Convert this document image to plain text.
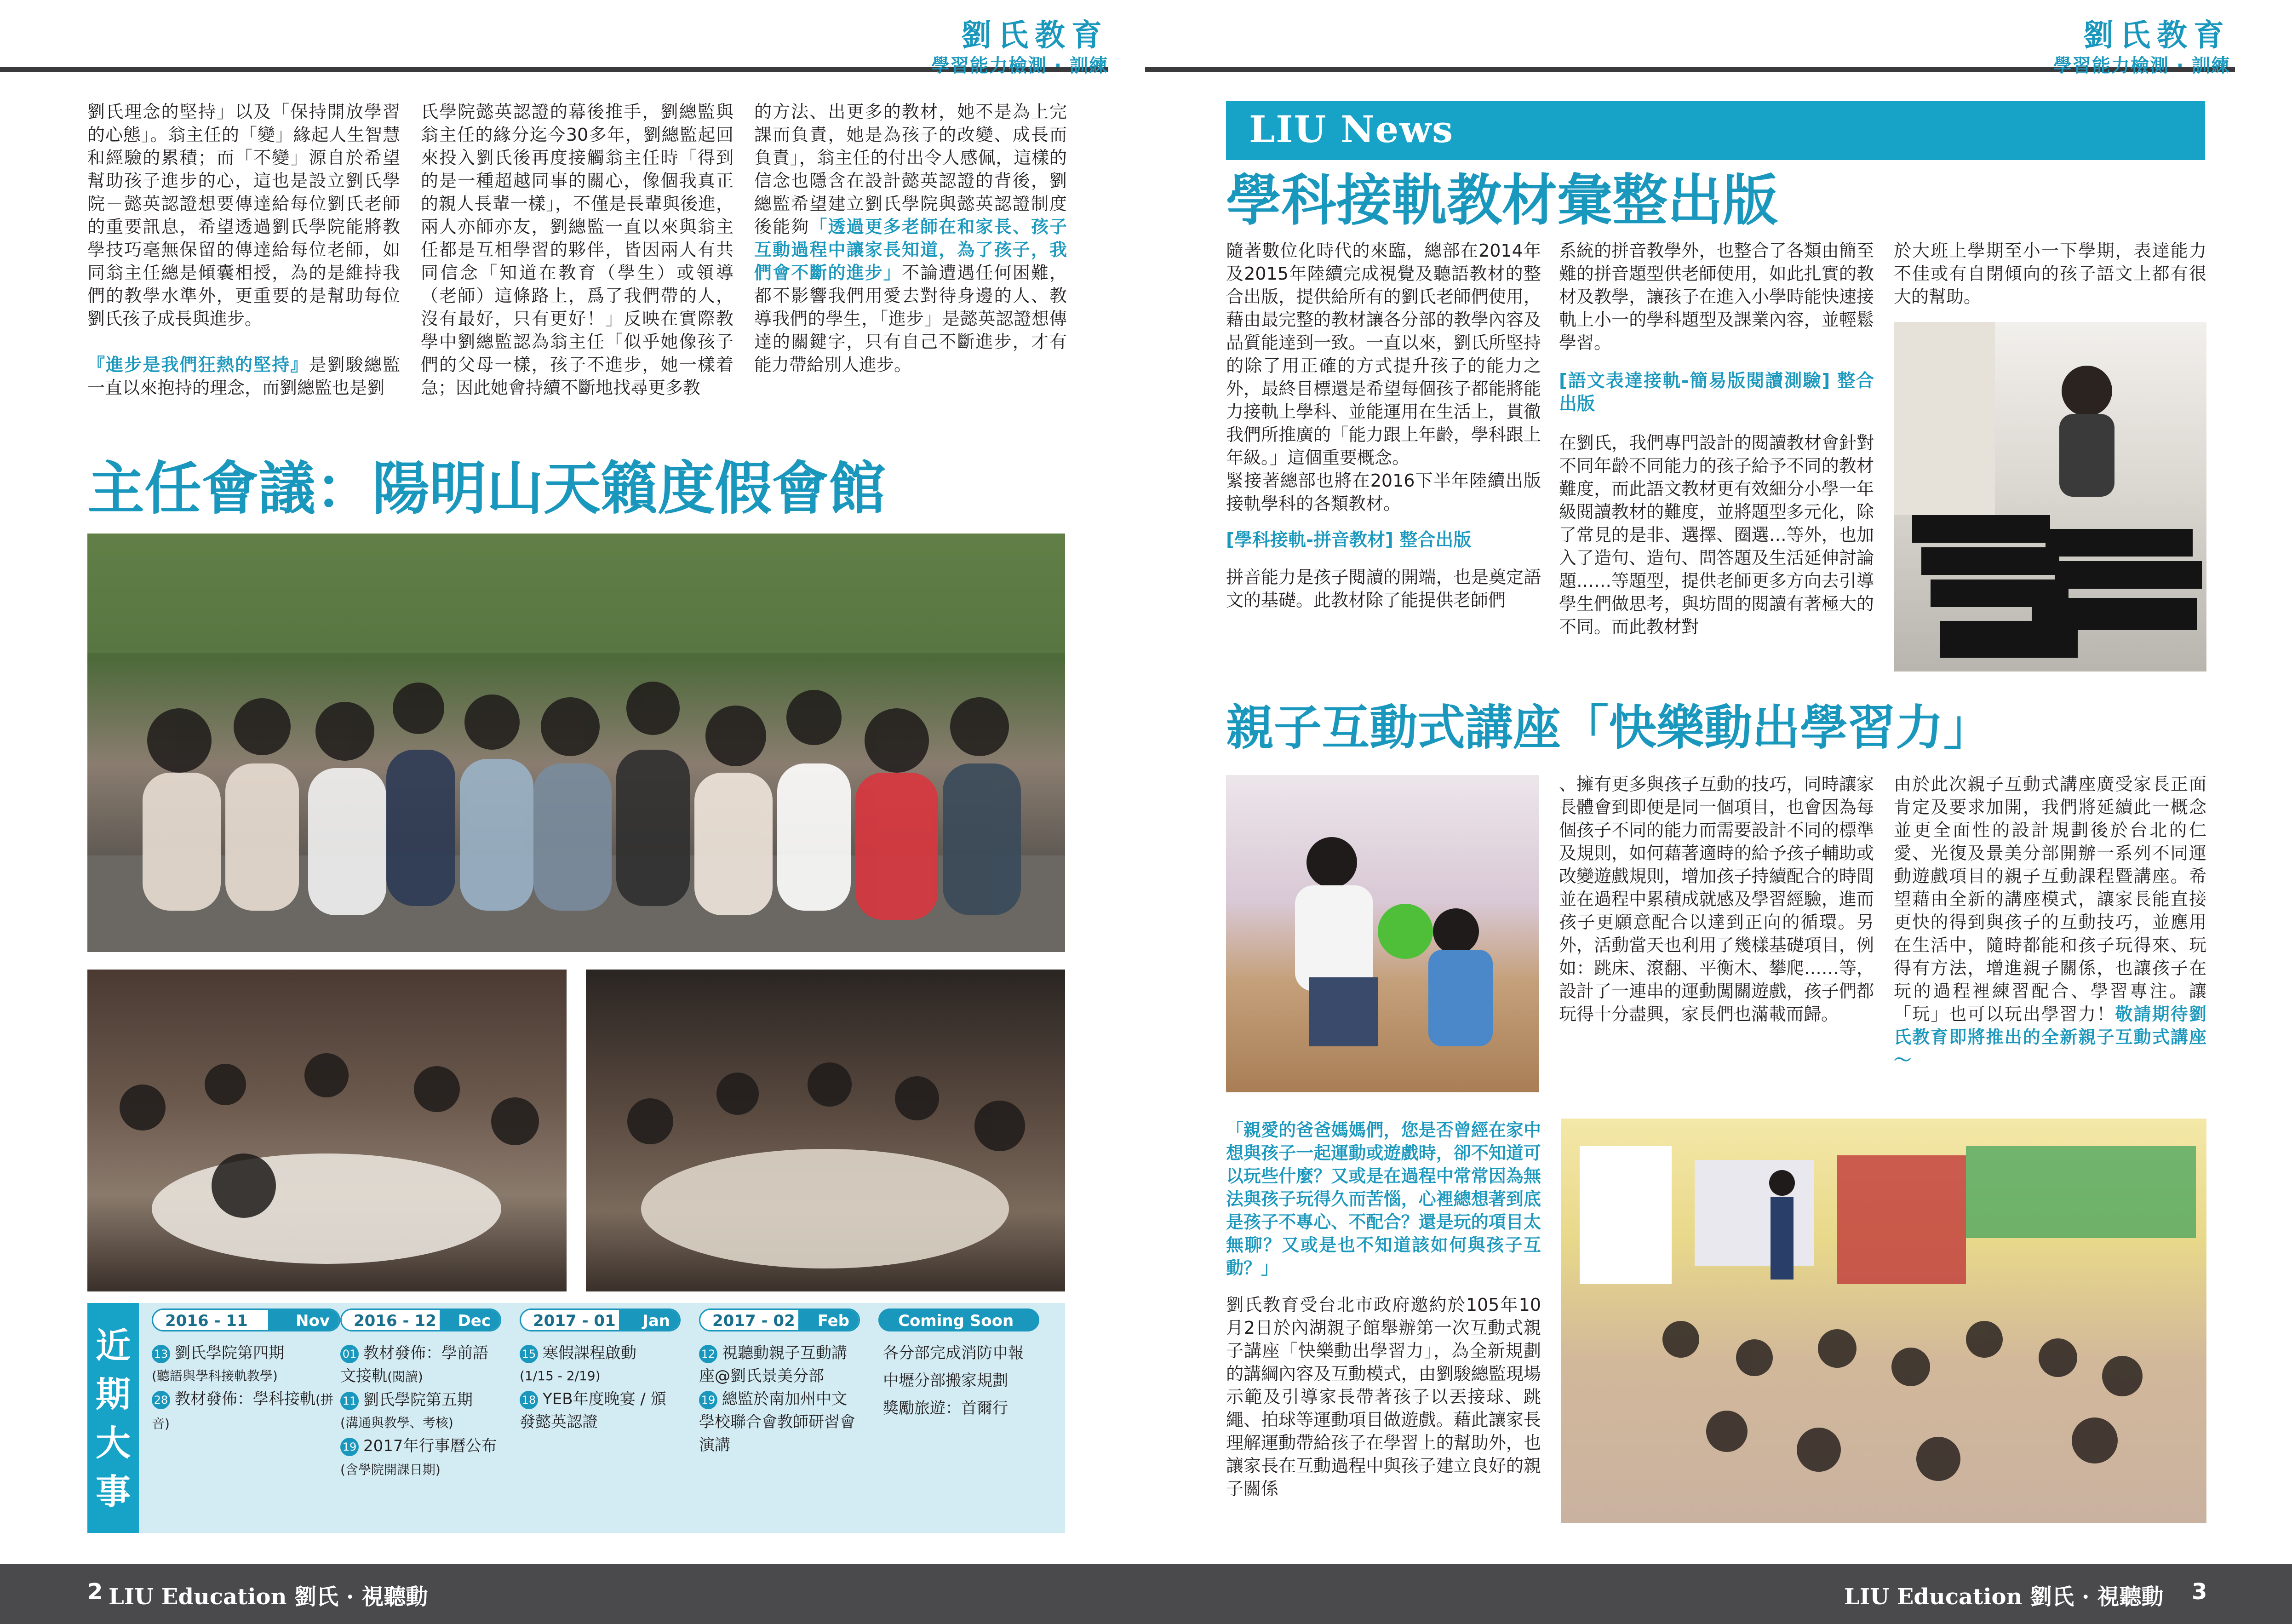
劉氏教育
學習能力檢測 · 訓練
劉氏教育
學習能力檢測 · 訓練

劉氏理念的堅持」以及「保持開放學習的心態」。翁主任的「變」緣起人生智慧和經驗的累積；而「不變」源自於希望幫助孩子進步的心，這也是設立劉氏學院－懿英認證想要傳達給每位劉氏老師的重要訊息，希望透過劉氏學院能將教學技巧毫無保留的傳達給每位老師，如同翁主任總是傾囊相授，為的是維持我們的教學水準外，更重要的是幫助每位劉氏孩子成長與進步。

『進步是我們狂熱的堅持』是劉駿總監一直以來抱持的理念，而劉總監也是劉
氏學院懿英認證的幕後推手，劉總監與翁主任的緣分迄今30多年，劉總監起回來投入劉氏後再度接觸翁主任時「得到的是一種超越同事的關心，像個我真正的親人長輩一樣」，不僅是長輩與後進，兩人亦師亦友，劉總監一直以來與翁主任都是互相學習的夥伴，皆因兩人有共同信念「知道在教育（學生）或領導（老師）這條路上，爲了我們帶的人，沒有最好，只有更好！」反映在實際教學中劉總監認為翁主任「似乎她像孩子們的父母一樣，孩子不進步，她一樣着急；因此她會持續不斷地找尋更多教
的方法、出更多的教材，她不是為上完課而負責，她是為孩子的改變、成長而負責」，翁主任的付出令人感佩，這樣的信念也隱含在設計懿英認證的背後，劉總監希望建立劉氏學院與懿英認證制度後能夠「透過更多老師在和家長、孩子互動過程中讓家長知道，為了孩子，我們會不斷的進步」不論遭遇任何困難，都不影響我們用愛去對待身邊的人、教導我們的學生，「進步」是懿英認證想傳達的關鍵字，只有自己不斷進步，才有能力帶給別人進步。
主任會議：陽明山天籟度假會館
近
期
大
事
2016 - 11	Nov
13 劉氏學院第四期
(聽語與學科接軌教學)
28 教材發佈：學科接軌(拼音)
2016 - 12 Dec
01 教材發佈：學前語文接軌(閱讀)
11 劉氏學院第五期
(溝通與教學、考核)
19 2017年行事曆公布(含學院開課日期)
2017 - 01 Jan
15 寒假課程啟動
(1/15 - 2/19)
18 YEB年度晚宴 / 頒發懿英認證
2017 - 02 Feb
12 視聽動親子互動講座@劉氏景美分部
19 總監於南加州中文學校聯合會教師研習會演講
Coming Soon
各分部完成消防申報
中壢分部搬家規劃
獎勵旅遊：首爾行
LIU News
學科接軌教材彙整出版
隨著數位化時代的來臨，總部在2014年及2015年陸續完成視覺及聽語教材的整合出版，提供給所有的劉氏老師們使用，藉由最完整的教材讓各分部的教學內容及品質能達到一致。一直以來，劉氏所堅持的除了用正確的方式提升孩子的能力之外，最終目標還是希望每個孩子都能將能力接軌上學科、並能運用在生活上，貫徹我們所推廣的「能力跟上年齡，學科跟上年級。」這個重要概念。
緊接著總部也將在2016下半年陸續出版接軌學科的各類教材。
[學科接軌-拼音教材] 整合出版
拼音能力是孩子閱讀的開端，也是奠定語文的基礎。此教材除了能提供老師們
系統的拼音教學外，也整合了各類由簡至難的拼音題型供老師使用，如此扎實的教材及教學，讓孩子在進入小學時能快速接軌上小一的學科題型及課業內容，並輕鬆學習。
[語文表達接軌-簡易版閱讀測驗] 整合出版
在劉氏，我們專門設計的閱讀教材會針對不同年齡不同能力的孩子給予不同的教材難度，而此語文教材更有效細分小學一年級閱讀教材的難度，並將題型多元化，除了常見的是非、選擇、圈選…等外，也加入了造句、造句、問答題及生活延伸討論題……等題型，提供老師更多方向去引導學生們做思考，與坊間的閱讀有著極大的不同。而此教材對
於大班上學期至小一下學期，表達能力不佳或有自閉傾向的孩子語文上都有很大的幫助。
親子互動式講座「快樂動出學習力」
、擁有更多與孩子互動的技巧，同時讓家長體會到即便是同一個項目，也會因為每個孩子不同的能力而需要設計不同的標準及規則，如何藉著適時的給予孩子輔助或改變遊戲規則，增加孩子持續配合的時間並在過程中累積成就感及學習經驗，進而孩子更願意配合以達到正向的循環。另外，活動當天也利用了幾樣基礎項目，例如：跳床、滾翻、平衡木、攀爬……等，設計了一連串的運動闖關遊戲，孩子們都玩得十分盡興，家長們也滿載而歸。
由於此次親子互動式講座廣受家長正面肯定及要求加開，我們將延續此一概念並更全面性的設計規劃後於台北的仁愛、光復及景美分部開辦一系列不同運動遊戲項目的親子互動課程暨講座。希望藉由全新的講座模式，讓家長能直接更快的得到與孩子的互動技巧，並應用在生活中，隨時都能和孩子玩得來、玩得有方法，增進親子關係，也讓孩子在玩的過程裡練習配合、學習專注。讓「玩」也可以玩出學習力！敬請期待劉氏教育即將推出的全新親子互動式講座～
「親愛的爸爸媽媽們，您是否曾經在家中想與孩子一起運動或遊戲時，卻不知道可以玩些什麼？又或是在過程中常常因為無法與孩子玩得久而苦惱，心裡總想著到底是孩子不專心、不配合？還是玩的項目太無聊？又或是也不知道該如何與孩子互動？」
劉氏教育受台北市政府邀約於105年10月2日於內湖親子館舉辦第一次互動式親子講座「快樂動出學習力」，為全新規劃的講綱內容及互動模式，由劉駿總監現場示範及引導家長帶著孩子以丟接球、跳繩、拍球等運動項目做遊戲。藉此讓家長理解運動帶給孩子在學習上的幫助外，也讓家長在互動過程中與孩子建立良好的親子關係
2 LIU Education 劉氏 · 視聽動	LIU Education 劉氏 · 視聽動 3
